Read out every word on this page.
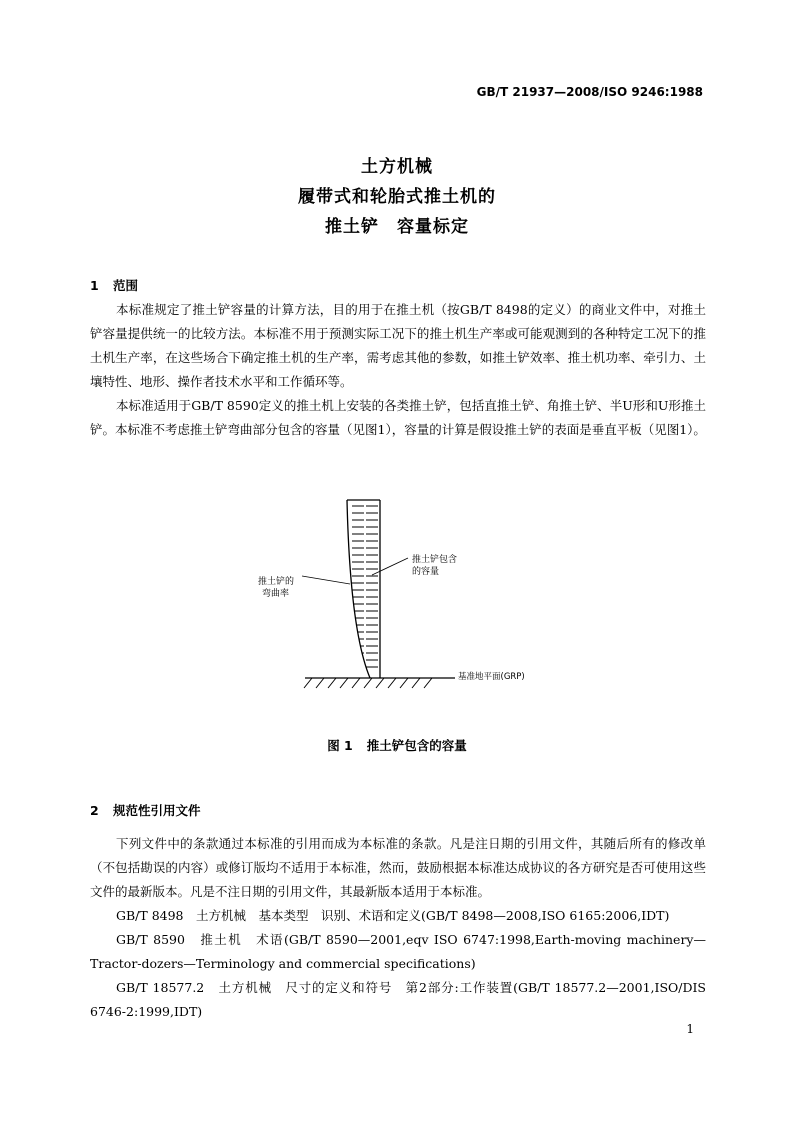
GB/T 21937—2008/ISO 9246:1988
土方机械
履带式和轮胎式推土机的
推土铲　容量标定
1 范围
本标准规定了推土铲容量的计算方法，目的用于在推土机（按GB/T 8498的定义）的商业文件中，对推土铲容量提供统一的比较方法。本标准不用于预测实际工况下的推土机生产率或可能观测到的各种特定工况下的推土机生产率，在这些场合下确定推土机的生产率，需考虑其他的参数，如推土铲效率、推土机功率、牵引力、土壤特性、地形、操作者技术水平和工作循环等。
本标准适用于GB/T 8590定义的推土机上安装的各类推土铲，包括直推土铲、角推土铲、半U形和U形推土铲。本标准不考虑推土铲弯曲部分包含的容量（见图1），容量的计算是假设推土铲的表面是垂直平板（见图1）。
推土铲的
弯曲率
推土铲包含
的容量
基准地平面(GRP)
图 1 推土铲包含的容量
2 规范性引用文件
下列文件中的条款通过本标准的引用而成为本标准的条款。凡是注日期的引用文件，其随后所有的修改单（不包括勘误的内容）或修订版均不适用于本标准，然而，鼓励根据本标准达成协议的各方研究是否可使用这些文件的最新版本。凡是不注日期的引用文件，其最新版本适用于本标准。
GB/T 8498　土方机械　基本类型　识别、术语和定义(GB/T 8498—2008,ISO 6165:2006,IDT)
GB/T 8590　推土机　术语(GB/T 8590—2001,eqv ISO 6747:1998,Earth-moving machinery—Tractor-dozers—Terminology and commercial specifications)
GB/T 18577.2　土方机械　尺寸的定义和符号　第2部分:工作装置(GB/T 18577.2—2001,ISO/DIS 6746-2:1999,IDT)
1
